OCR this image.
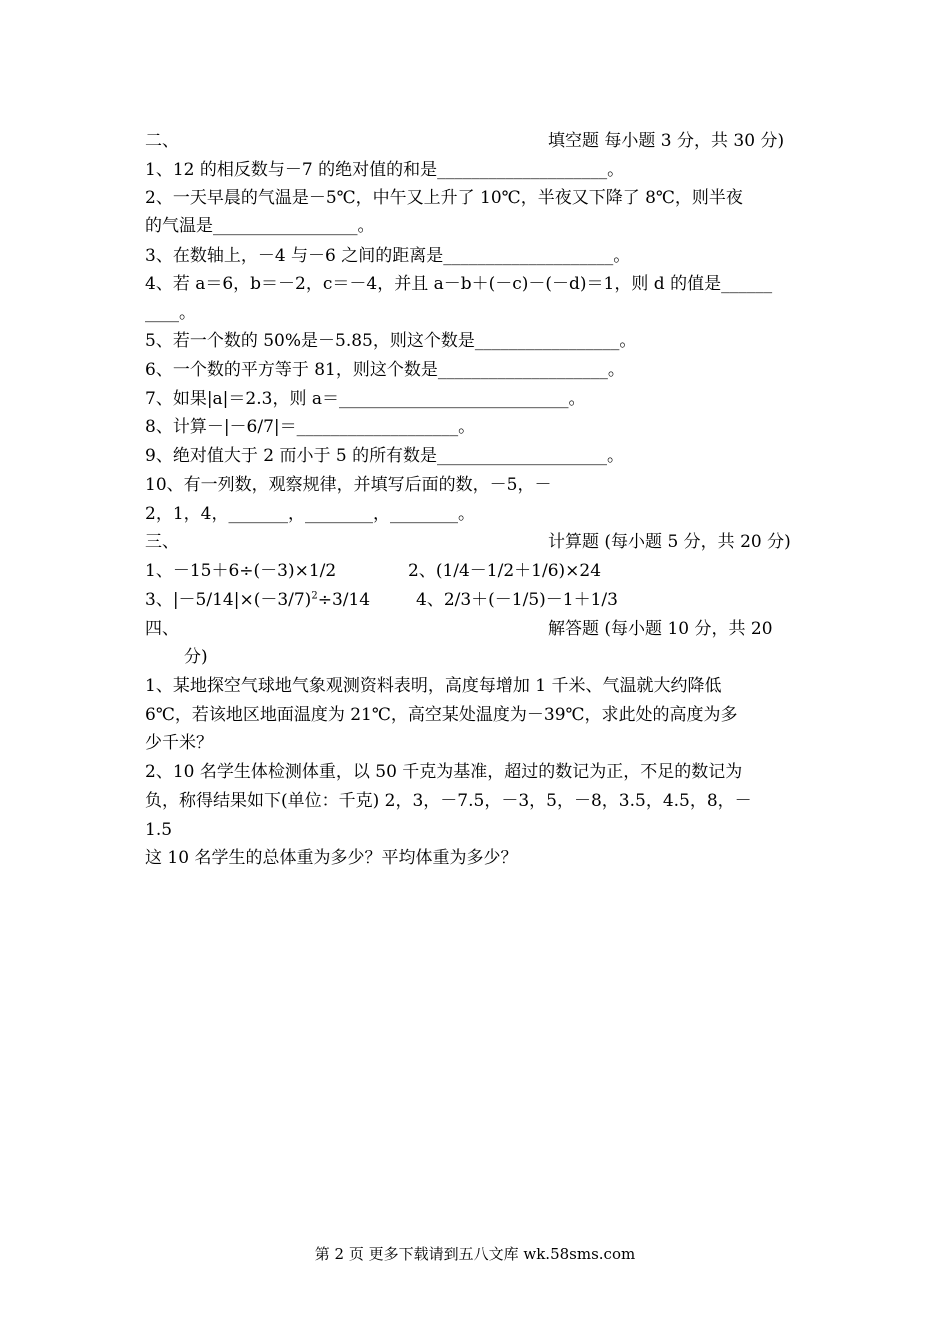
二、	填空题 每小题 3 分，共 30 分)
1、12 的相反数与－7 的绝对值的和是____________________。
2、一天早晨的气温是－5℃，中午又上升了 10℃，半夜又下降了 8℃，则半夜
的气温是_________________。
3、在数轴上，－4 与－6 之间的距离是____________________。
4、若 a＝6，b＝－2，c＝－4，并且 a－b＋(－c)－(－d)＝1，则 d 的值是______
____。
5、若一个数的 50%是－5.85，则这个数是_________________。
6、一个数的平方等于 81，则这个数是____________________。
7、如果|a|＝2.3，则 a＝___________________________。
8、计算－|－6/7|＝___________________。
9、绝对值大于 2 而小于 5 的所有数是____________________。
10、有一列数，观察规律，并填写后面的数，－5，－
2，1，4，_______，________，________。
三、	计算题 (每小题 5 分，共 20 分)
1、－15＋6÷(－3)×1/2	2、(1/4－1/2＋1/6)×24
3、$|-5/14|\times(-3/7)^2\div 3/14$	4、2/3＋(－1/5)－1＋1/3
四、	解答题 (每小题 10 分，共 20
分)
1、某地探空气球地气象观测资料表明，高度每增加 1 千米、气温就大约降低
6℃，若该地区地面温度为 21℃，高空某处温度为－39℃，求此处的高度为多
少千米？
2、10 名学生体检测体重，以 50 千克为基准，超过的数记为正，不足的数记为
负，称得结果如下(单位：千克) 2，3，－7.5，－3，5，－8，3.5，4.5，8，－
1.5
这 10 名学生的总体重为多少？平均体重为多少？
第 2 页 更多下载请到五八文库 wk.58sms.com
